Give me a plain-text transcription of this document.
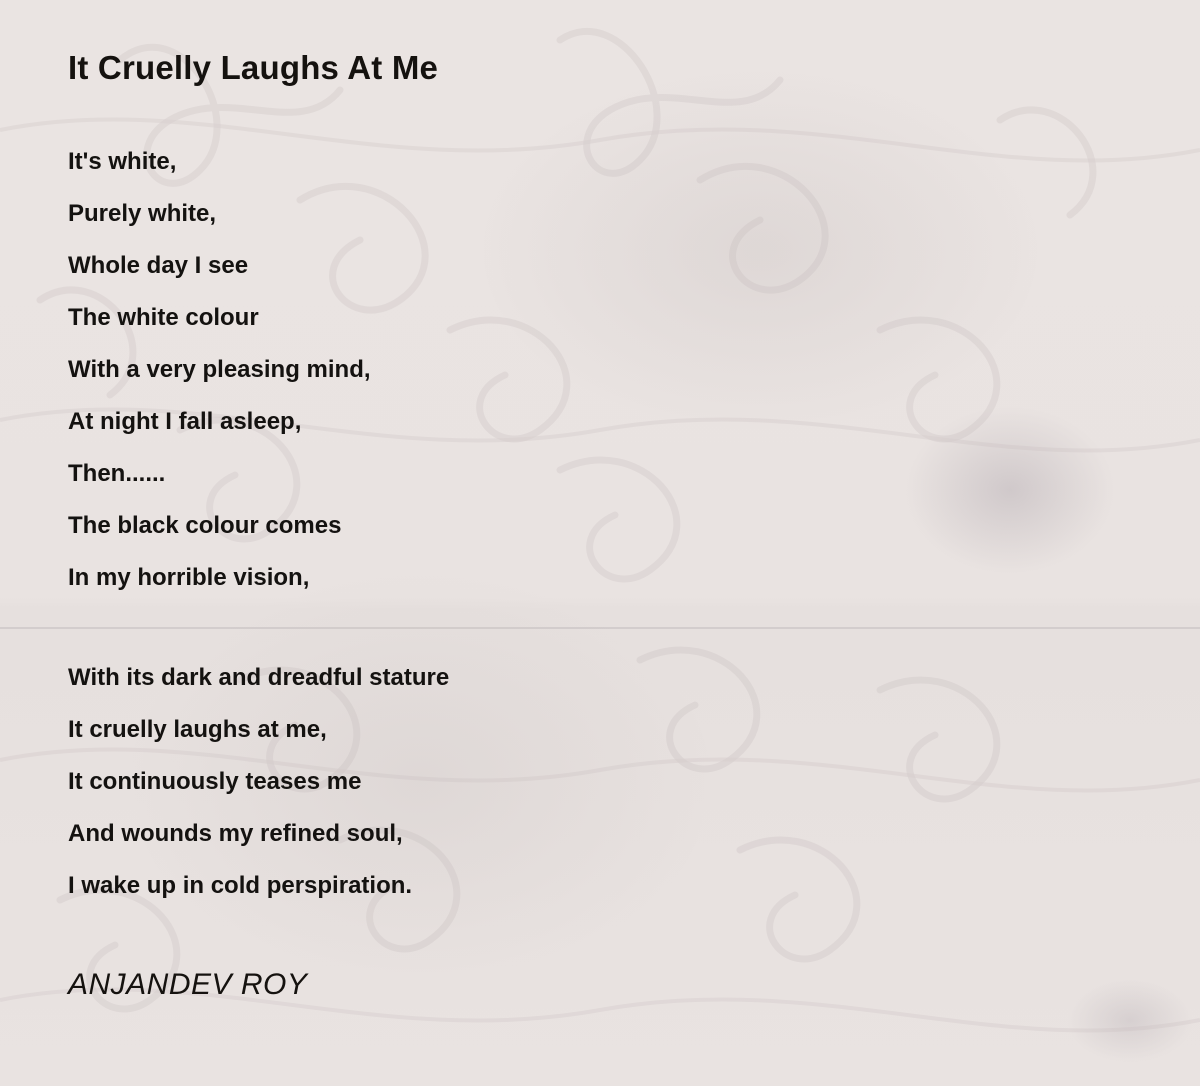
It Cruelly Laughs At Me
It's white,
Purely white,
Whole day I see
The white colour
With a very pleasing mind,
At night I fall asleep,
Then......
The black colour comes
In my horrible vision,
With its dark and dreadful stature
It cruelly laughs at me,
It continuously teases me
And wounds my refined soul,
I wake up in cold perspiration.
ANJANDEV ROY
